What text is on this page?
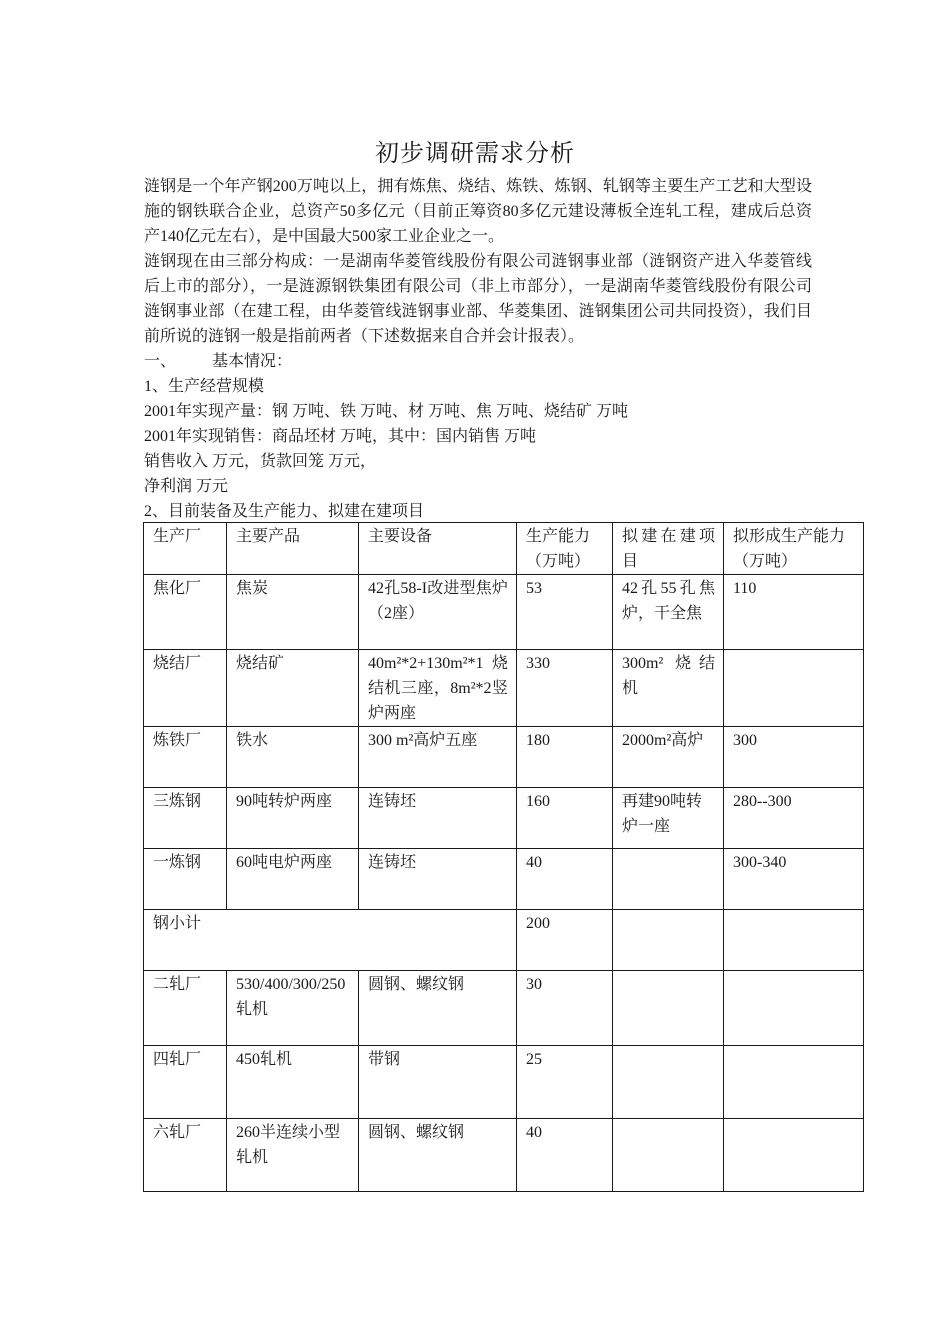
初步调研需求分析

涟钢是一个年产钢200万吨以上，拥有炼焦、烧结、炼铁、炼钢、轧钢等主要生产工艺和大型设施的钢铁联合企业，总资产50多亿元（目前正筹资80多亿元建设薄板全连轧工程，建成后总资产140亿元左右），是中国最大500家工业企业之一。

涟钢现在由三部分构成：一是湖南华菱管线股份有限公司涟钢事业部（涟钢资产进入华菱管线后上市的部分），一是涟源钢铁集团有限公司（非上市部分），一是湖南华菱管线股份有限公司涟钢事业部（在建工程，由华菱管线涟钢事业部、华菱集团、涟钢集团公司共同投资），我们目前所说的涟钢一般是指前两者（下述数据来自合并会计报表）。

一、 基本情况：

1、生产经营规模

2001年实现产量：钢 万吨、铁 万吨、材 万吨、焦 万吨、烧结矿 万吨

2001年实现销售：商品坯材 万吨，其中：国内销售 万吨

销售收入 万元，货款回笼 万元，

净利润 万元

2、目前装备及生产能力、拟建在建项目

生产厂	主要产品	主要设备	生产能力（万吨）	拟建在建项目	拟形成生产能力（万吨）
焦化厂	焦炭	42孔58-I改进型焦炉（2座）	53	42孔55孔焦炉，干全焦	110
烧结厂	烧结矿	40m²*2+130m²*1烧结机三座，8m²*2竖炉两座	330	300m² 烧结机	
炼铁厂	铁水	300 m²高炉五座	180	2000m²高炉	300
三炼钢	90吨转炉两座	连铸坯	160	再建90吨转炉一座	280--300
一炼钢	60吨电炉两座	连铸坯	40		300-340
钢小计			200		
二轧厂	530/400/300/250轧机	圆钢、螺纹钢	30		
四轧厂	450轧机	带钢	25		
六轧厂	260半连续小型轧机	圆钢、螺纹钢	40		
